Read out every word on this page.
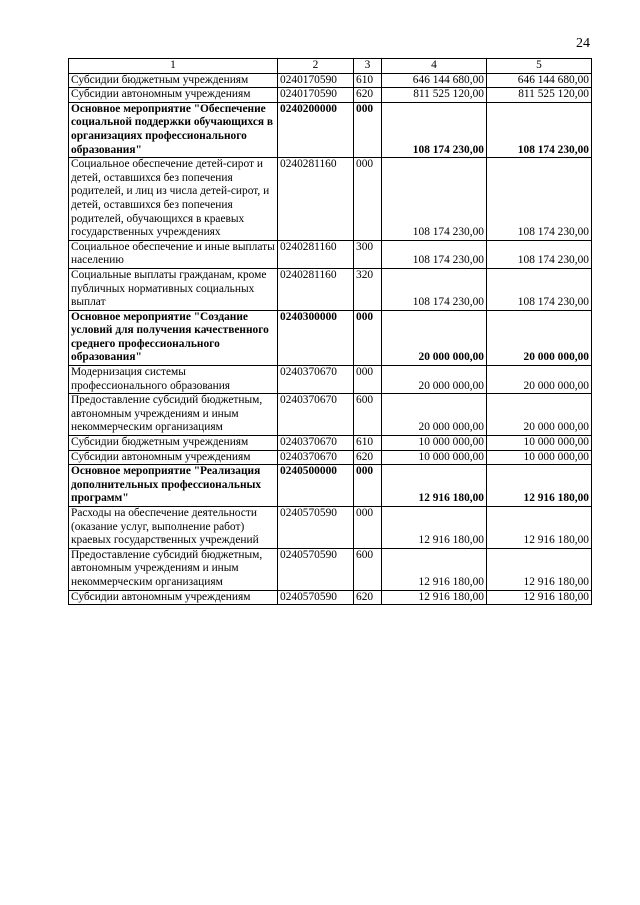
24
1	2	3	4	5
Субсидии бюджетным учреждениям	0240170590	610	646 144 680,00	646 144 680,00
Субсидии автономным учреждениям	0240170590	620	811 525 120,00	811 525 120,00
Основное мероприятие "Обеспечение социальной поддержки обучающихся в организациях профессионального образования"	0240200000	000	108 174 230,00	108 174 230,00
Социальное обеспечение детей-сирот и детей, оставшихся без попечения родителей, и лиц из числа детей-сирот, и детей, оставшихся без попечения родителей, обучающихся в краевых государственных учреждениях	0240281160	000	108 174 230,00	108 174 230,00
Социальное обеспечение и иные выплаты населению	0240281160	300	108 174 230,00	108 174 230,00
Социальные выплаты гражданам, кроме публичных нормативных социальных выплат	0240281160	320	108 174 230,00	108 174 230,00
Основное мероприятие "Создание условий для получения качественного среднего профессионального образования"	0240300000	000	20 000 000,00	20 000 000,00
Модернизация системы профессионального образования	0240370670	000	20 000 000,00	20 000 000,00
Предоставление субсидий бюджетным, автономным учреждениям и иным некоммерческим организациям	0240370670	600	20 000 000,00	20 000 000,00
Субсидии бюджетным учреждениям	0240370670	610	10 000 000,00	10 000 000,00
Субсидии автономным учреждениям	0240370670	620	10 000 000,00	10 000 000,00
Основное мероприятие "Реализация дополнительных профессиональных программ"	0240500000	000	12 916 180,00	12 916 180,00
Расходы на обеспечение деятельности (оказание услуг, выполнение работ) краевых государственных учреждений	0240570590	000	12 916 180,00	12 916 180,00
Предоставление субсидий бюджетным, автономным учреждениям и иным некоммерческим организациям	0240570590	600	12 916 180,00	12 916 180,00
Субсидии автономным учреждениям	0240570590	620	12 916 180,00	12 916 180,00
